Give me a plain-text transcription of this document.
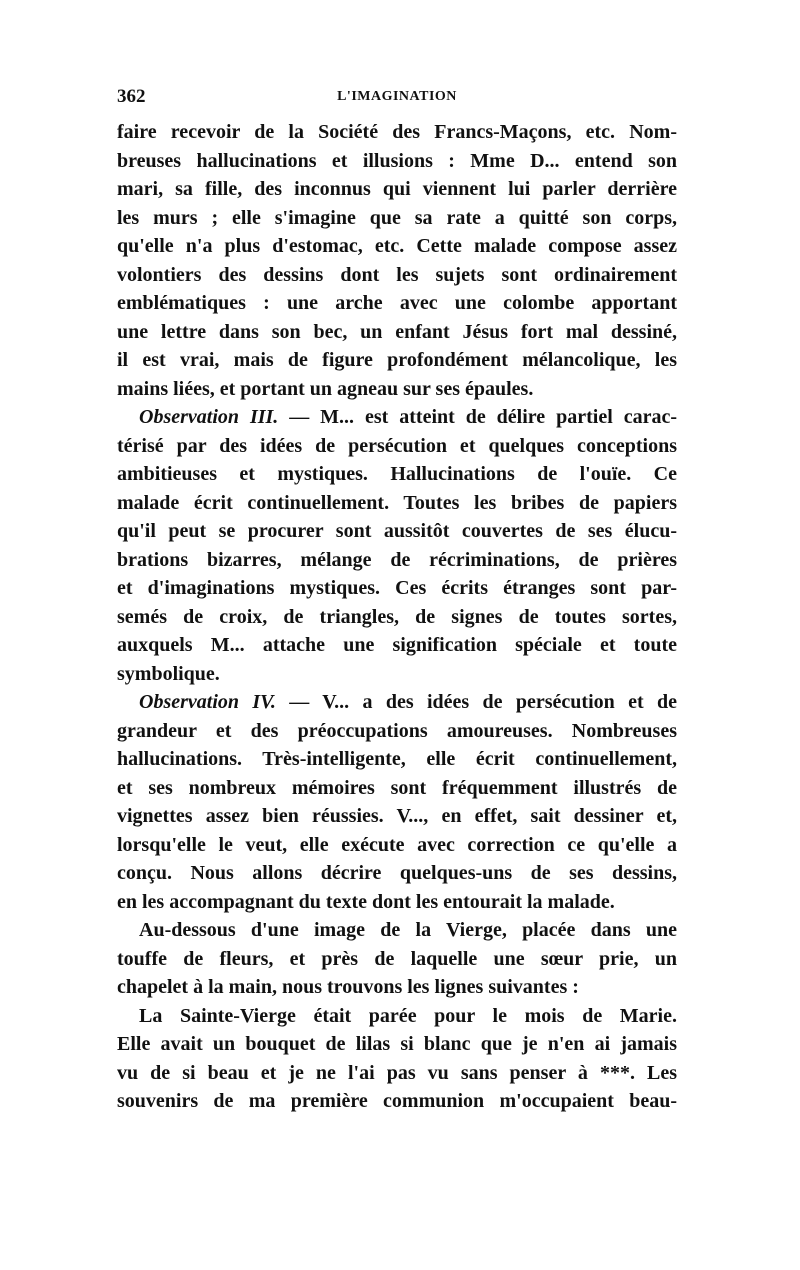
362	L'IMAGINATION
faire recevoir de la Société des Francs-Maçons, etc. Nom-
breuses hallucinations et illusions : Mme D... entend son
mari, sa fille, des inconnus qui viennent lui parler derrière
les murs ; elle s'imagine que sa rate a quitté son corps,
qu'elle n'a plus d'estomac, etc. Cette malade compose assez
volontiers des dessins dont les sujets sont ordinairement
emblématiques : une arche avec une colombe apportant
une lettre dans son bec, un enfant Jésus fort mal dessiné,
il est vrai, mais de figure profondément mélancolique, les
mains liées, et portant un agneau sur ses épaules.
Observation III. — M... est atteint de délire partiel carac-
térisé par des idées de persécution et quelques conceptions
ambitieuses et mystiques. Hallucinations de l'ouïe. Ce
malade écrit continuellement. Toutes les bribes de papiers
qu'il peut se procurer sont aussitôt couvertes de ses élucu-
brations bizarres, mélange de récriminations, de prières
et d'imaginations mystiques. Ces écrits étranges sont par-
semés de croix, de triangles, de signes de toutes sortes,
auxquels M... attache une signification spéciale et toute
symbolique.
Observation IV. — V... a des idées de persécution et de
grandeur et des préoccupations amoureuses. Nombreuses
hallucinations. Très-intelligente, elle écrit continuellement,
et ses nombreux mémoires sont fréquemment illustrés de
vignettes assez bien réussies. V..., en effet, sait dessiner et,
lorsqu'elle le veut, elle exécute avec correction ce qu'elle a
conçu. Nous allons décrire quelques-uns de ses dessins,
en les accompagnant du texte dont les entourait la malade.
Au-dessous d'une image de la Vierge, placée dans une
touffe de fleurs, et près de laquelle une sœur prie, un
chapelet à la main, nous trouvons les lignes suivantes :
La Sainte-Vierge était parée pour le mois de Marie.
Elle avait un bouquet de lilas si blanc que je n'en ai jamais
vu de si beau et je ne l'ai pas vu sans penser à ***. Les
souvenirs de ma première communion m'occupaient beau-
